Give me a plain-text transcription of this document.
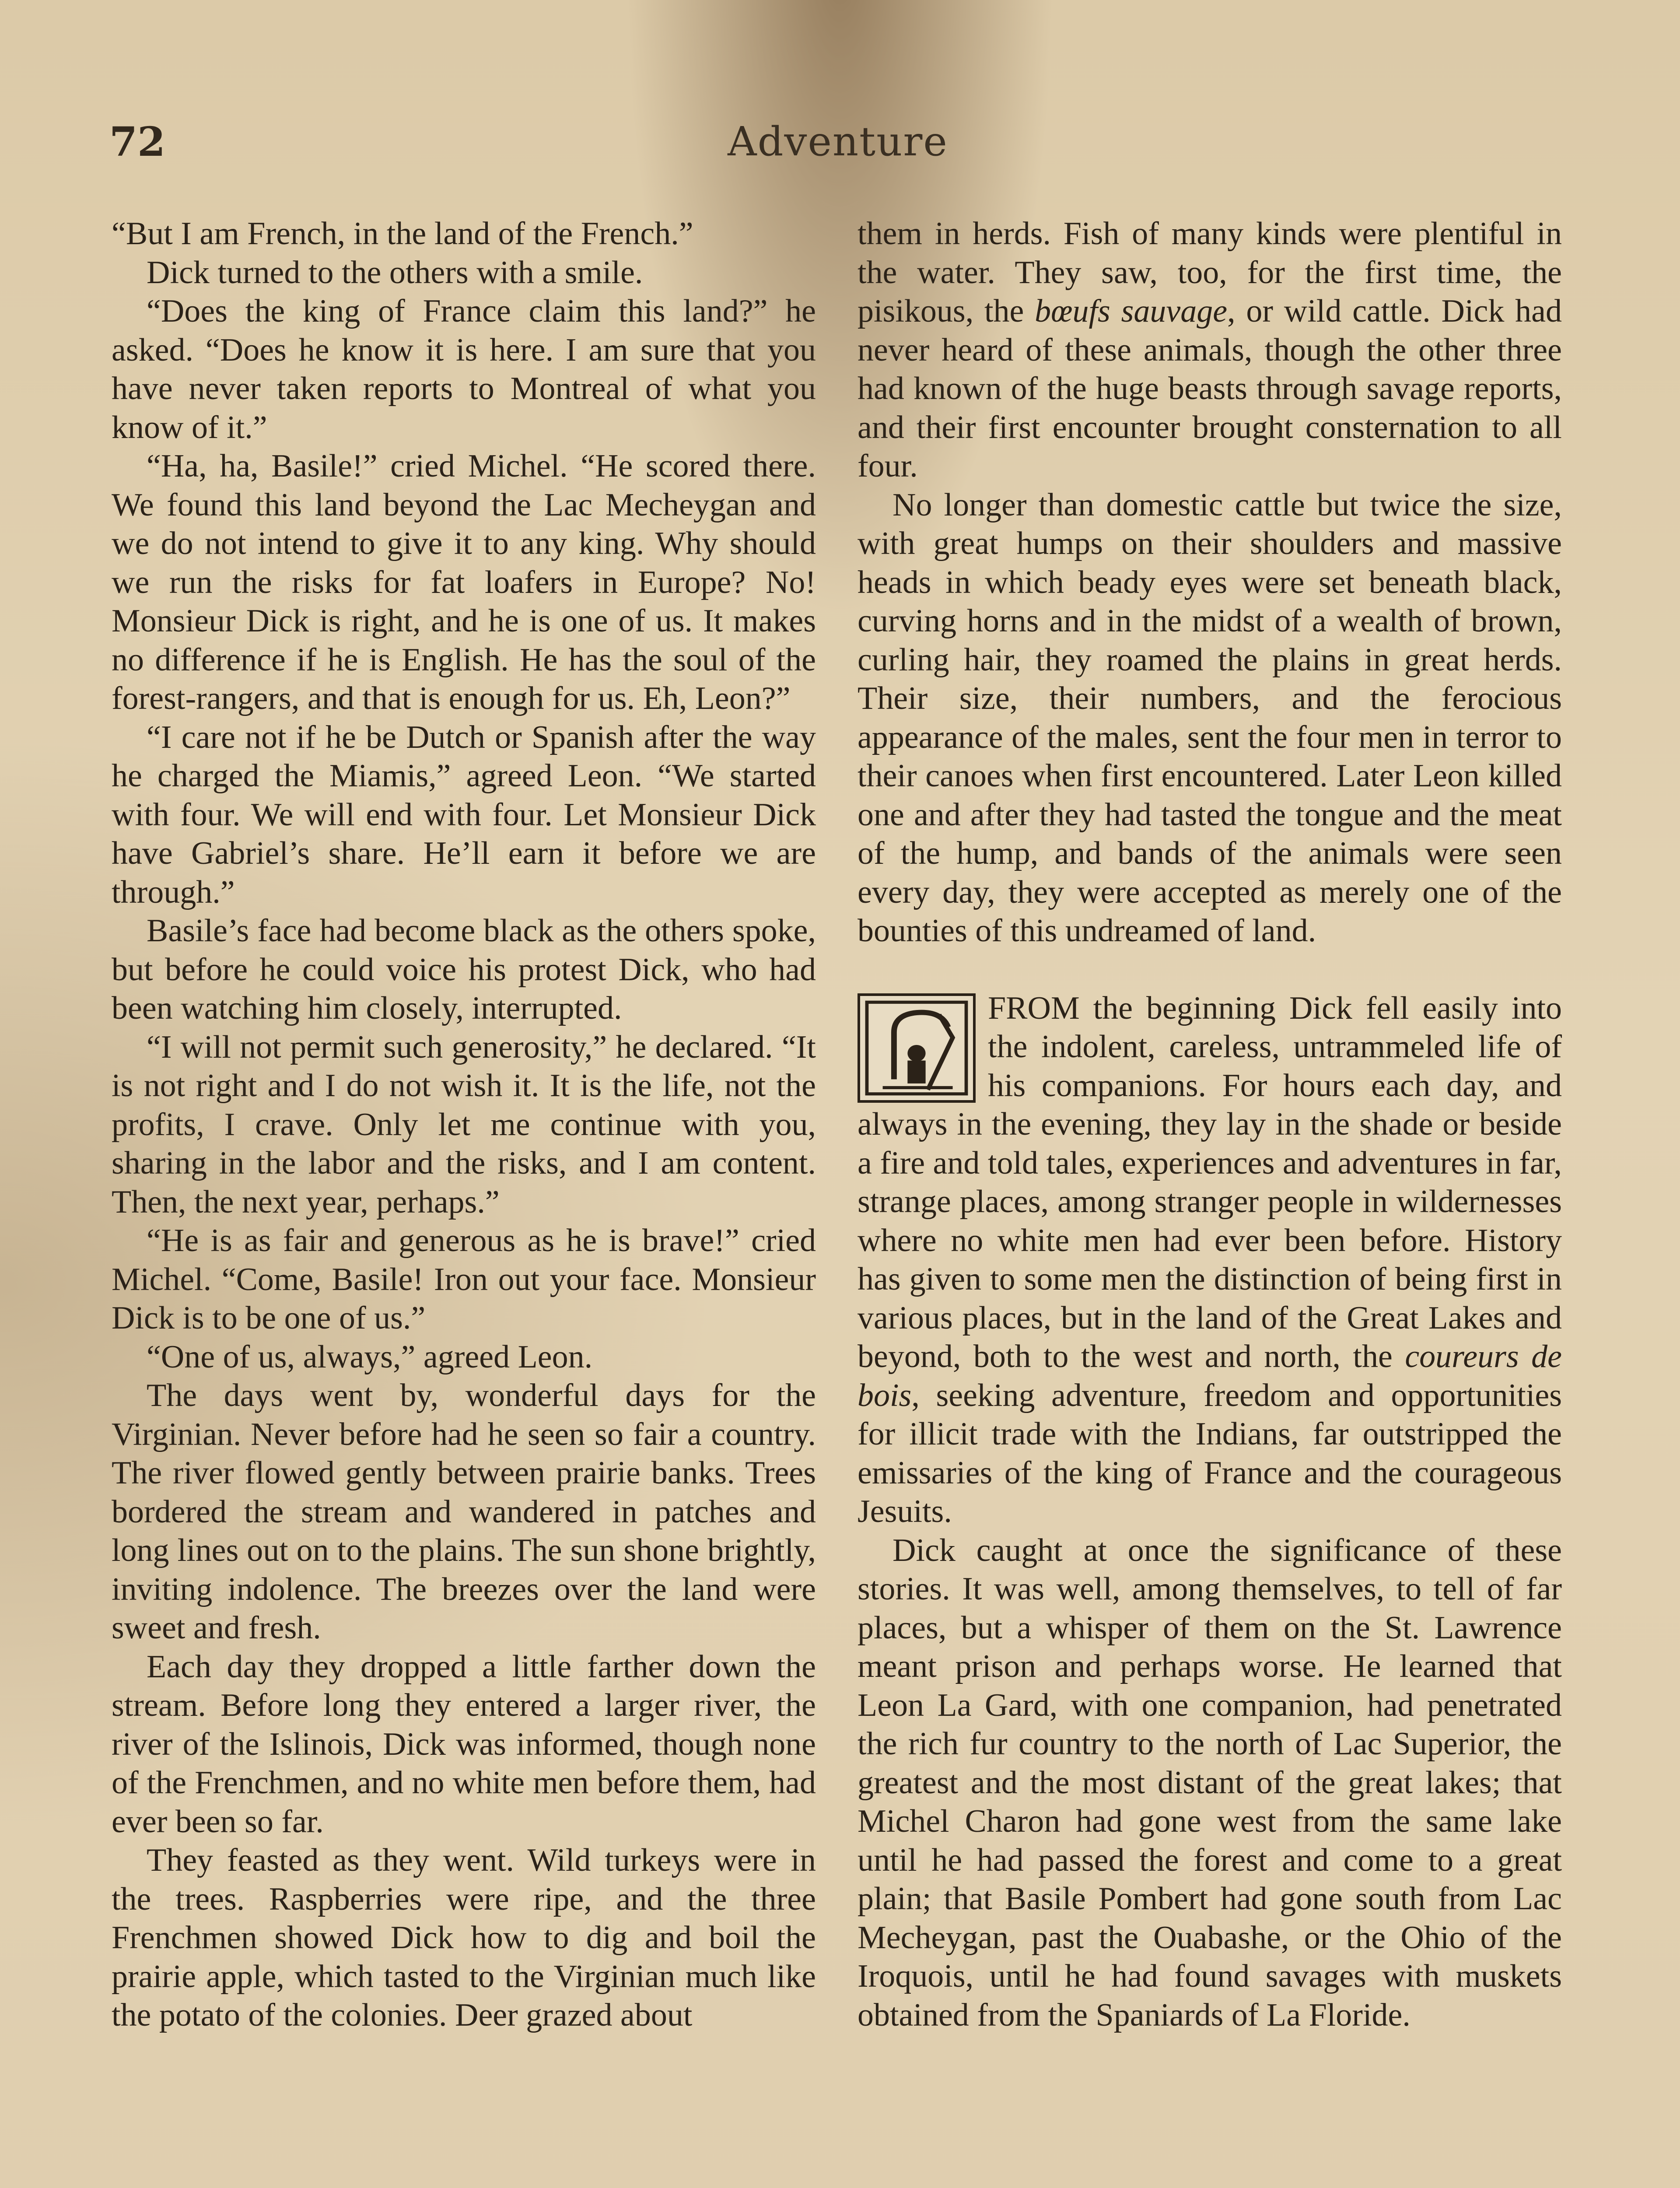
72	Adventure

“But I am French, in the land of the French.”

Dick turned to the others with a smile.

“Does the king of France claim this land?” he asked. “Does he know it is here. I am sure that you have never taken reports to Montreal of what you know of it.”

“Ha, ha, Basile!” cried Michel. “He scored there. We found this land beyond the Lac Mecheygan and we do not intend to give it to any king. Why should we run the risks for fat loafers in Europe? No! Monsieur Dick is right, and he is one of us. It makes no difference if he is English. He has the soul of the forest-rangers, and that is enough for us. Eh, Leon?”

“I care not if he be Dutch or Spanish after the way he charged the Miamis,” agreed Leon. “We started with four. We will end with four. Let Monsieur Dick have Gabriel’s share. He’ll earn it before we are through.”

Basile’s face had become black as the others spoke, but before he could voice his protest Dick, who had been watching him closely, interrupted.

“I will not permit such generosity,” he declared. “It is not right and I do not wish it. It is the life, not the profits, I crave. Only let me continue with you, sharing in the labor and the risks, and I am content. Then, the next year, perhaps.”

“He is as fair and generous as he is brave!” cried Michel. “Come, Basile! Iron out your face. Monsieur Dick is to be one of us.”

“One of us, always,” agreed Leon.

The days went by, wonderful days for the Virginian. Never before had he seen so fair a country. The river flowed gently between prairie banks. Trees bordered the stream and wandered in patches and long lines out on to the plains. The sun shone brightly, inviting indolence. The breezes over the land were sweet and fresh.

Each day they dropped a little farther down the stream. Before long they entered a larger river, the river of the Islinois, Dick was informed, though none of the Frenchmen, and no white men before them, had ever been so far.

They feasted as they went. Wild turkeys were in the trees. Raspberries were ripe, and the three Frenchmen showed Dick how to dig and boil the prairie apple, which tasted to the Virginian much like the potato of the colonies. Deer grazed about

them in herds. Fish of many kinds were plentiful in the water. They saw, too, for the first time, the pisikous, the bœufs sauvage, or wild cattle. Dick had never heard of these animals, though the other three had known of the huge beasts through savage reports, and their first encounter brought consternation to all four.

No longer than domestic cattle but twice the size, with great humps on their shoulders and massive heads in which beady eyes were set beneath black, curving horns and in the midst of a wealth of brown, curling hair, they roamed the plains in great herds. Their size, their numbers, and the ferocious appearance of the males, sent the four men in terror to their canoes when first encountered. Later Leon killed one and after they had tasted the tongue and the meat of the hump, and bands of the animals were seen every day, they were accepted as merely one of the bounties of this undreamed of land.

FROM the beginning Dick fell easily into the indolent, careless, untrammeled life of his companions. For hours each day, and always in the evening, they lay in the shade or beside a fire and told tales, experiences and adventures in far, strange places, among stranger people in wildernesses where no white men had ever been before. History has given to some men the distinction of being first in various places, but in the land of the Great Lakes and beyond, both to the west and north, the coureurs de bois, seeking adventure, freedom and opportunities for illicit trade with the Indians, far outstripped the emissaries of the king of France and the courageous Jesuits.

Dick caught at once the significance of these stories. It was well, among themselves, to tell of far places, but a whisper of them on the St. Lawrence meant prison and perhaps worse. He learned that Leon La Gard, with one companion, had penetrated the rich fur country to the north of Lac Superior, the greatest and the most distant of the great lakes; that Michel Charon had gone west from the same lake until he had passed the forest and come to a great plain; that Basile Pombert had gone south from Lac Mecheygan, past the Ouabashe, or the Ohio of the Iroquois, until he had found savages with muskets obtained from the Spaniards of La Floride.
